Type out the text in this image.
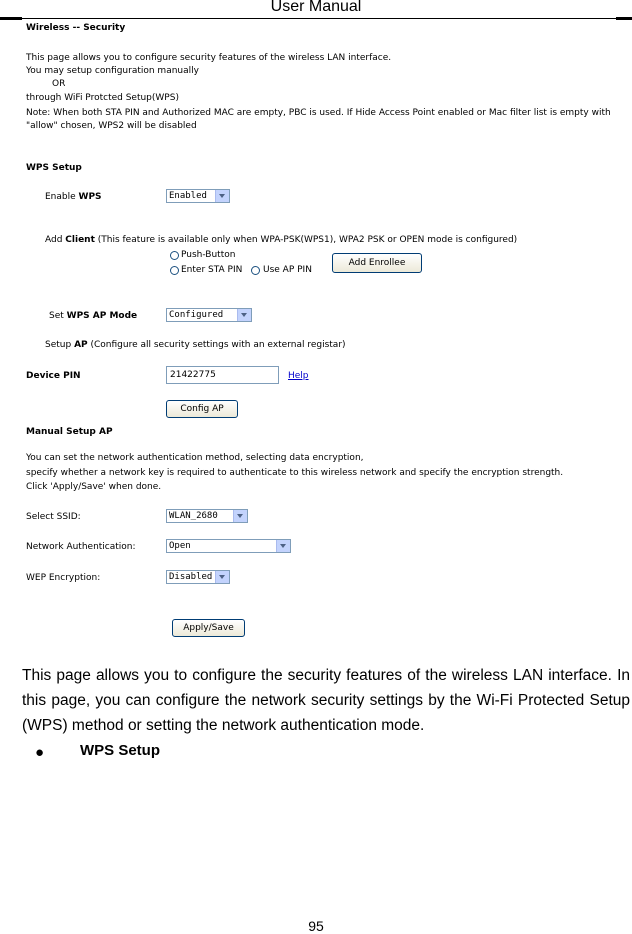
User Manual
Wireless -- Security
This page allows you to configure security features of the wireless LAN interface.
You may setup configuration manually
OR
through WiFi Protcted Setup(WPS)
Note: When both STA PIN and Authorized MAC are empty, PBC is used. If Hide Access Point enabled or Mac filter list is empty with
"allow" chosen, WPS2 will be disabled
WPS Setup
Enable WPS	Enabled
Add Client (This feature is available only when WPA-PSK(WPS1), WPA2 PSK or OPEN mode is configured)
Push-Button
Enter STA PIN Use AP PIN
Add Enrollee
Set WPS AP Mode	Configured
Setup AP (Configure all security settings with an external registar)
Device PIN	21422775	Help
Config AP
Manual Setup AP
You can set the network authentication method, selecting data encryption,
specify whether a network key is required to authenticate to this wireless network and specify the encryption strength.
Click 'Apply/Save' when done.
Select SSID:	WLAN_2680
Network Authentication:	Open
WEP Encryption:	Disabled
Apply/Save

This page allows you to configure the security features of the wireless LAN interface. In this page, you can configure the network security settings by the Wi-Fi Protected Setup (WPS) method or setting the network authentication mode.

● WPS Setup
95
